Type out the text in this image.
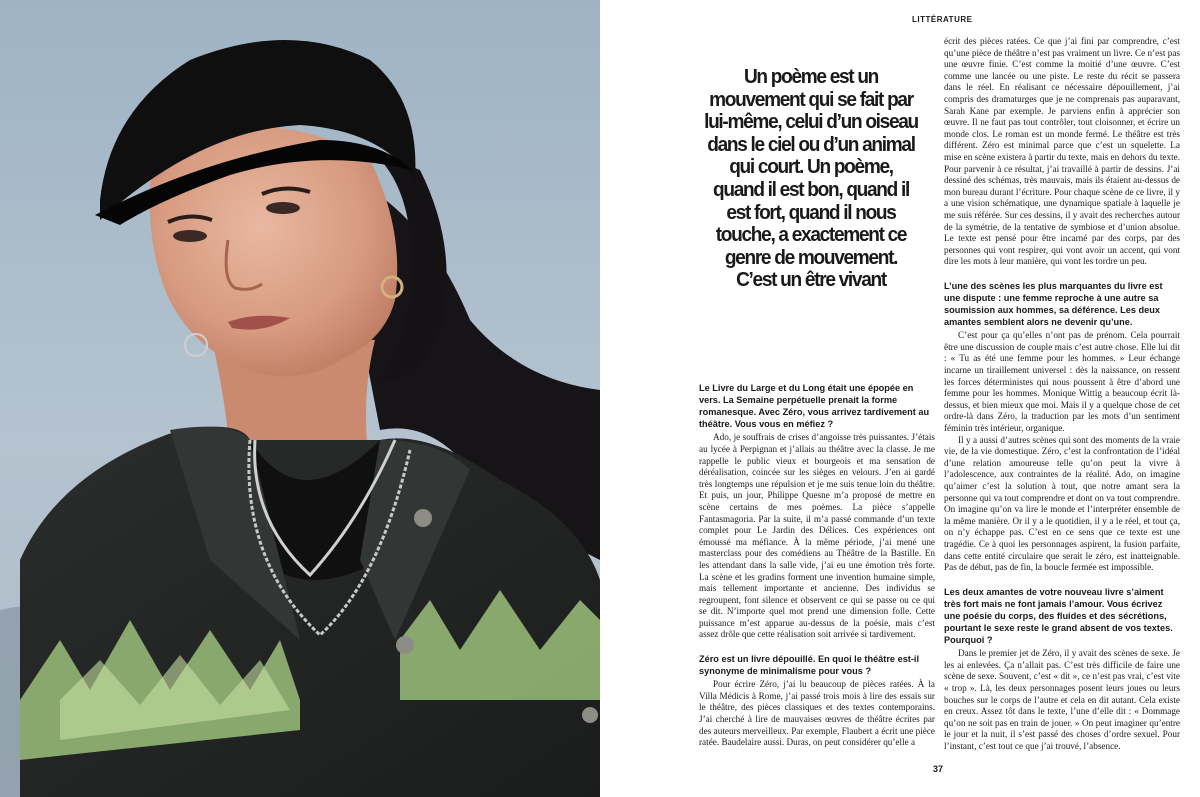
LITTÉRATURE
Un poème est un mouvement qui se fait par lui-même, celui d’un oiseau dans le ciel ou d’un animal qui court. Un poème, quand il est bon, quand il est fort, quand il nous touche, a exactement ce genre de mouvement. C’est un être vivant
Le Livre du Large et du Long était une épopée en vers. La Semaine perpétuelle prenait la forme romanesque. Avec Zéro, vous arrivez tardivement au théâtre. Vous vous en méfiez ?

Ado, je souffrais de crises d’angoisse très puissantes. J’étais au lycée à Perpignan et j’allais au théâtre avec la classe. Je me rappelle le public vieux et bourgeois et ma sensation de déréalisation, coincée sur les sièges en velours. J’en ai gardé très longtemps une répulsion et je me suis tenue loin du théâtre. Et puis, un jour, Philippe Quesne m’a proposé de mettre en scène certains de mes poèmes. La pièce s’appelle Fantasmagoria. Par la suite, il m’a passé commande d’un texte complet pour Le Jardin des Délices. Ces expériences ont émoussé ma méfiance. À la même période, j’ai mené une masterclass pour des comédiens au Théâtre de la Bastille. En les attendant dans la salle vide, j’ai eu une émotion très forte. La scène et les gradins forment une invention humaine simple, mais tellement importante et ancienne. Des individus se regroupent, font silence et observent ce qui se passe ou ce qui se dit. N’importe quel mot prend une dimension folle. Cette puissance m’est apparue au-dessus de la poésie, mais c’est assez drôle que cette réalisation soit arrivée si tardivement.

Zéro est un livre dépouillé. En quoi le théâtre est-il synonyme de minimalisme pour vous ?

Pour écrire Zéro, j’ai lu beaucoup de pièces ratées. À la Villa Médicis à Rome, j’ai passé trois mois à lire des essais sur le théâtre, des pièces classiques et des textes contemporains. J’ai cherché à lire de mauvaises œuvres de théâtre écrites par des auteurs merveilleux. Par exemple, Flaubert a écrit une pièce ratée. Baudelaire aussi. Duras, on peut considérer qu’elle a

écrit des pièces ratées. Ce que j’ai fini par comprendre, c’est qu’une pièce de théâtre n’est pas vraiment un livre. Ce n’est pas une œuvre finie. C’est comme la moitié d’une œuvre. C’est comme une lancée ou une piste. Le reste du récit se passera dans le réel. En réalisant ce nécessaire dépouillement, j’ai compris des dramaturges que je ne comprenais pas auparavant, Sarah Kane par exemple. Je parviens enfin à apprécier son œuvre. Il ne faut pas tout contrôler, tout cloisonner, et écrire un monde clos. Le roman est un monde fermé. Le théâtre est très différent. Zéro est minimal parce que c’est un squelette. La mise en scène existera à partir du texte, mais en dehors du texte. Pour parvenir à ce résultat, j’ai travaillé à partir de dessins. J’ai dessiné des schémas, très mauvais, mais ils étaient au-dessus de mon bureau durant l’écriture. Pour chaque scène de ce livre, il y a une vision schématique, une dynamique spatiale à laquelle je me suis référée. Sur ces dessins, il y avait des recherches autour de la symétrie, de la tentative de symbiose et d’union absolue. Le texte est pensé pour être incarné par des corps, par des personnes qui vont respirer, qui vont avoir un accent, qui vont dire les mots à leur manière, qui vont les tordre un peu.

L’une des scènes les plus marquantes du livre est une dispute : une femme reproche à une autre sa soumission aux hommes, sa déférence. Les deux amantes semblent alors ne devenir qu’une.

C’est pour ça qu’elles n’ont pas de prénom. Cela pourrait être une discussion de couple mais c’est autre chose. Elle lui dit : « Tu as été une femme pour les hommes. » Leur échange incarne un tiraillement universel : dès la naissance, on ressent les forces déterministes qui nous poussent à être d’abord une femme pour les hommes. Monique Wittig a beaucoup écrit là-dessus, et bien mieux que moi. Mais il y a quelque chose de cet ordre-là dans Zéro, la traduction par les mots d’un sentiment féminin très intérieur, organique.

Il y a aussi d’autres scènes qui sont des moments de la vraie vie, de la vie domestique. Zéro, c’est la confrontation de l’idéal d’une relation amoureuse telle qu’on peut la vivre à l’adolescence, aux contraintes de la réalité. Ado, on imagine qu’aimer c’est la solution à tout, que notre amant sera la personne qui va tout comprendre et dont on va tout comprendre. On imagine qu’on va lire le monde et l’interpréter ensemble de la même manière. Or il y a le quotidien, il y a le réel, et tout ça, on n’y échappe pas. C’est en ce sens que ce texte est une tragédie. Ce à quoi les personnages aspirent, la fusion parfaite, dans cette entité circulaire que serait le zéro, est inatteignable. Pas de début, pas de fin, la boucle fermée est impossible.

Les deux amantes de votre nouveau livre s’aiment très fort mais ne font jamais l’amour. Vous écrivez une poésie du corps, des fluides et des sécrétions, pourtant le sexe reste le grand absent de vos textes. Pourquoi ?

Dans le premier jet de Zéro, il y avait des scènes de sexe. Je les ai enlevées. Ça n’allait pas. C’est très difficile de faire une scène de sexe. Souvent, c’est « dit », ce n’est pas vrai, c’est vite « trop ». Là, les deux personnages posent leurs joues ou leurs bouches sur le corps de l’autre et cela en dit autant. Cela existe en creux. Assez tôt dans le texte, l’une d’elle dit : « Dommage qu’on ne soit pas en train de jouer. » On peut imaginer qu’entre le jour et la nuit, il s’est passé des choses d’ordre sexuel. Pour l’instant, c’est tout ce que j’ai trouvé, l’absence.

37
